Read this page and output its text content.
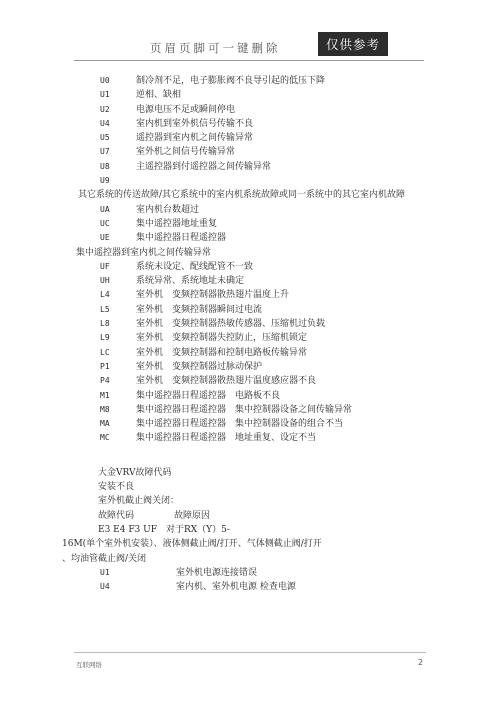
页眉页脚可一键删除	仅供参考
U0	制冷剂不足，电子膨胀阀不良导引起的低压下降
U1	逆相、缺相
U2	电源电压不足或瞬间停电
U4	室内机到室外机信号传输不良
U5	遥控器到室内机之间传输异常
U7	室外机之间信号传输异常
U8	主遥控器到付遥控器之间传输异常
U9
其它系统的传送故障/其它系统中的室内机系统故障或同一系统中的其它室内机故障
UA	室内机台数超过
UC	集中遥控器地址重复
UE	集中遥控器日程遥控器
集中遥控器到室内机之间传输异常
UF	系统未设定、配线配管不一致
UH	系统异常、系统地址未确定
L4	室外机　变频控制器散热翅片温度上升
L5	室外机　变频控制器瞬间过电流
L8	室外机　变频控制器热敏传感器、压缩机过负载
L9	室外机　变频控制器失控防止，压缩机锁定
LC	室外机　变频控制器和控制电路板传输异常
P1	室外机　变频控制器过脉动保护
P4	室外机　变频控制器散热翅片温度感应器不良
M1	集中遥控器日程遥控器　电路板不良
M8	集中遥控器日程遥控器　集中控制器设备之间传输异常
MA	集中遥控器日程遥控器　集中控制器设备的组合不当
MC	集中遥控器日程遥控器　地址重复、设定不当
大金VRV故障代码
安装不良
室外机截止阀关闭：
故障代码	故障原因
E3 E4 F3 UF　对于RX（Y）5-
16M(单个室外机安装）、液体侧截止阀/打开、气体侧截止阀/打开
、均油管截止阀/关闭
U1	室外机电源连接错误
U4	室内机、室外机电源 检查电源
互联网络	2
